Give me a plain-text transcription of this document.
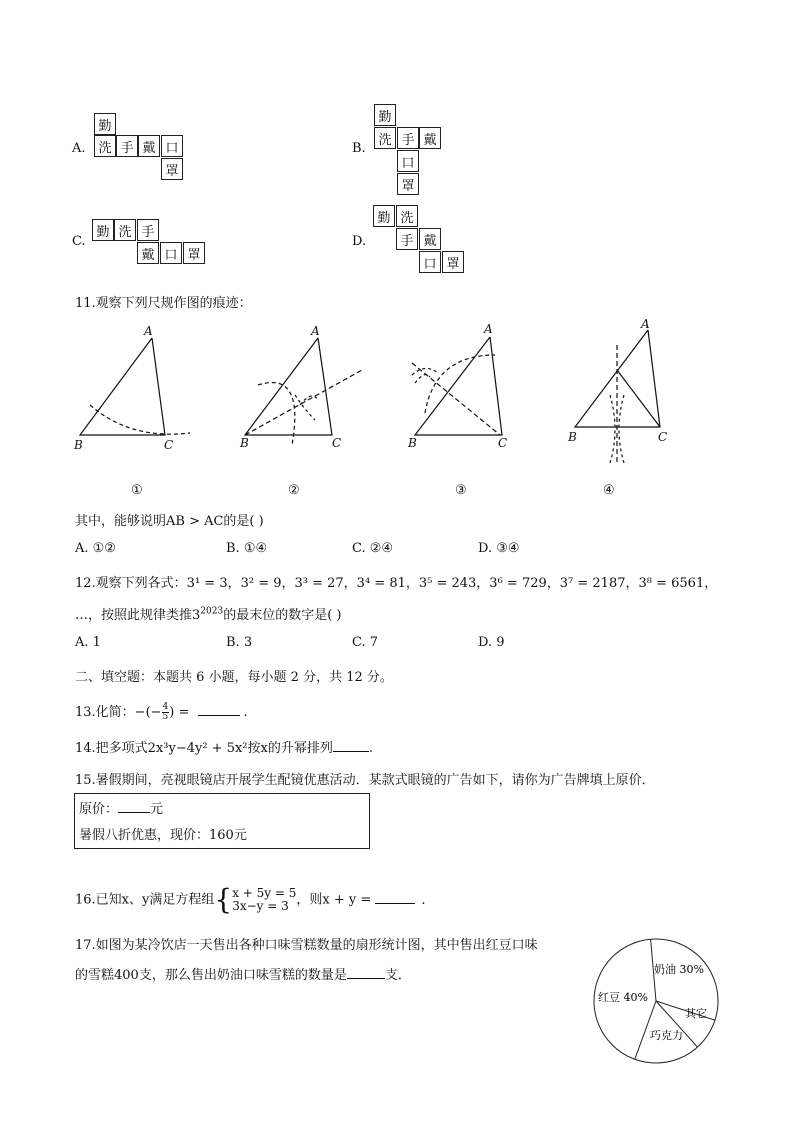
A.
勤
洗 手 戴 口
罩
B.
勤
洗 手 戴
口
罩
C.
勤 洗 手
戴 口 罩
D.
勤 洗
手 戴
口 罩
11.观察下列尺规作图的痕迹：
A
B	C
A
B	C
A
B	C
A
B	C
①	②	③	④
其中，能够说明AB > AC的是( )
A. ①②	B. ①④	C. ②④	D. ③④
12.观察下列各式：3¹ = 3，3² = 9，3³ = 27，3⁴ = 81，3⁵ = 243，3⁶ = 729，3⁷ = 2187，3⁸ = 6561，
…，按照此规律类推$3^{2023}$的最末位的数字是( )
A. 1	B. 3	C. 7	D. 9
二、填空题：本题共 6 小题，每小题 2 分，共 12 分。
13.化简：−(− $\frac{4}{5}$ ) =	.
14.把多项式2x³y−4y² + 5x²按x的升幂排列	.
15.暑假期间，亮视眼镜店开展学生配镜优惠活动．某款式眼镜的广告如下，请你为广告牌填上原价．
原价： 元
暑假八折优惠，现价：160元
16.已知x、y满足方程组 { x + 5y = 5
3x−y = 3 ，则x + y =	.
17.如图为某冷饮店一天售出各种口味雪糕数量的扇形统计图，其中售出红豆口味
的雪糕400支，那么售出奶油口味雪糕的数量是	支．	奶油 30%
红豆 40%
其它
巧克力
